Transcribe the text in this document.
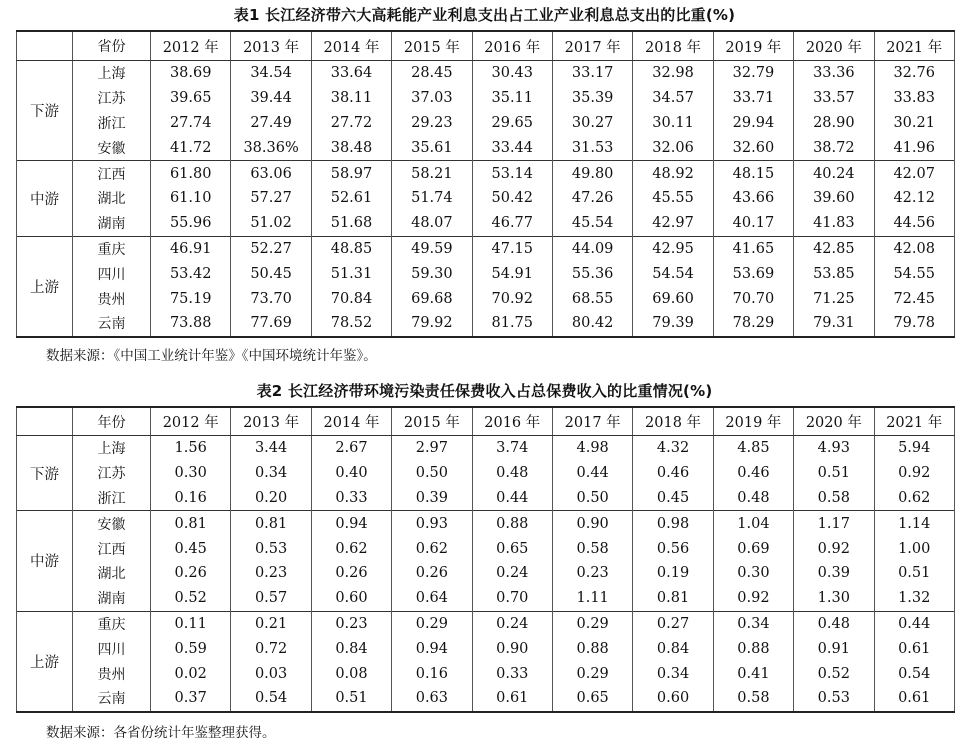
表1 长江经济带六大高耗能产业利息支出占工业产业利息总支出的比重(%)
	省份	2012 年	2013 年	2014 年	2015 年	2016 年	2017 年	2018 年	2019 年	2020 年	2021 年
下游	上海	38.69	34.54	33.64	28.45	30.43	33.17	32.98	32.79	33.36	32.76
	江苏	39.65	39.44	38.11	37.03	35.11	35.39	34.57	33.71	33.57	33.83
	浙江	27.74	27.49	27.72	29.23	29.65	30.27	30.11	29.94	28.90	30.21
	安徽	41.72	38.36%	38.48	35.61	33.44	31.53	32.06	32.60	38.72	41.96
中游	江西	61.80	63.06	58.97	58.21	53.14	49.80	48.92	48.15	40.24	42.07
	湖北	61.10	57.27	52.61	51.74	50.42	47.26	45.55	43.66	39.60	42.12
	湖南	55.96	51.02	51.68	48.07	46.77	45.54	42.97	40.17	41.83	44.56
上游	重庆	46.91	52.27	48.85	49.59	47.15	44.09	42.95	41.65	42.85	42.08
	四川	53.42	50.45	51.31	59.30	54.91	55.36	54.54	53.69	53.85	54.55
	贵州	75.19	73.70	70.84	69.68	70.92	68.55	69.60	70.70	71.25	72.45
	云南	73.88	77.69	78.52	79.92	81.75	80.42	79.39	78.29	79.31	79.78
数据来源：《中国工业统计年鉴》《中国环境统计年鉴》。
表2 长江经济带环境污染责任保费收入占总保费收入的比重情况(%)
	年份	2012 年	2013 年	2014 年	2015 年	2016 年	2017 年	2018 年	2019 年	2020 年	2021 年
下游	上海	1.56	3.44	2.67	2.97	3.74	4.98	4.32	4.85	4.93	5.94
	江苏	0.30	0.34	0.40	0.50	0.48	0.44	0.46	0.46	0.51	0.92
	浙江	0.16	0.20	0.33	0.39	0.44	0.50	0.45	0.48	0.58	0.62
中游	安徽	0.81	0.81	0.94	0.93	0.88	0.90	0.98	1.04	1.17	1.14
	江西	0.45	0.53	0.62	0.62	0.65	0.58	0.56	0.69	0.92	1.00
	湖北	0.26	0.23	0.26	0.26	0.24	0.23	0.19	0.30	0.39	0.51
	湖南	0.52	0.57	0.60	0.64	0.70	1.11	0.81	0.92	1.30	1.32
上游	重庆	0.11	0.21	0.23	0.29	0.24	0.29	0.27	0.34	0.48	0.44
	四川	0.59	0.72	0.84	0.94	0.90	0.88	0.84	0.88	0.91	0.61
	贵州	0.02	0.03	0.08	0.16	0.33	0.29	0.34	0.41	0.52	0.54
	云南	0.37	0.54	0.51	0.63	0.61	0.65	0.60	0.58	0.53	0.61
数据来源：各省份统计年鉴整理获得。
